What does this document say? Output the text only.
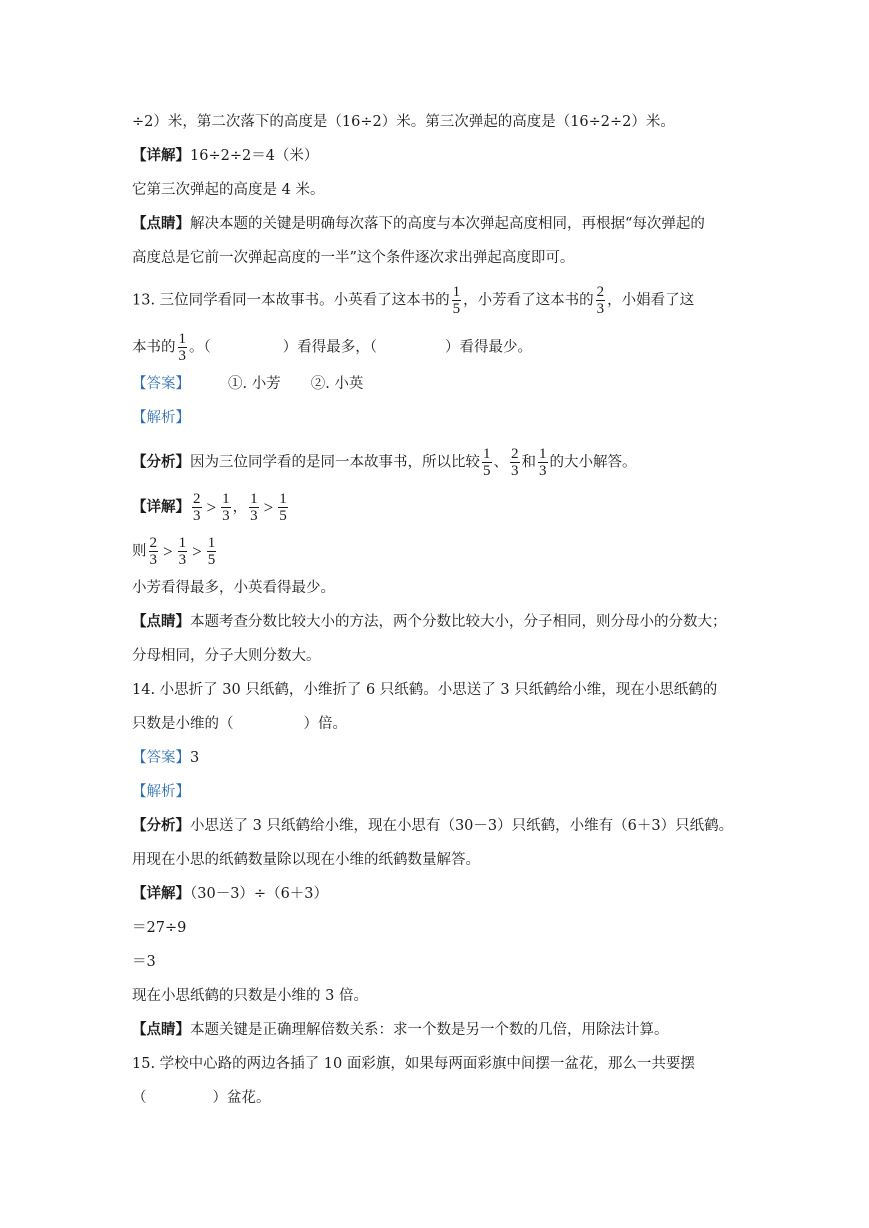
÷2）米，第二次落下的高度是（16÷2）米。第三次弹起的高度是（16÷2÷2）米。
【详解】16÷2÷2＝4（米）
它第三次弹起的高度是 4 米。
【点睛】解决本题的关键是明确每次落下的高度与本次弹起高度相同，再根据“每次弹起的
高度总是它前一次弹起高度的一半”这个条件逐次求出弹起高度即可。
13. 三位同学看同一本故事书。小英看了这本书的 $\frac{1}{5}$ ，小芳看了这本书的 $\frac{2}{3}$ ，小娟看了这
本书的 $\frac{1}{3}$ 。（	）看得最多，（	）看得最少。
【答案】	①. 小芳 ②. 小英
【解析】
【分析】因为三位同学看的是同一本故事书，所以比较 $\frac{1}{5}$ 、 $\frac{2}{3}$ 和 $\frac{1}{3}$ 的大小解答。
【详解】 $\frac{2}{3} > \frac{1}{3}$ ， $\frac{1}{3} > \frac{1}{5}$
则 $\frac{2}{3} > \frac{1}{3} > \frac{1}{5}$
小芳看得最多，小英看得最少。
【点睛】本题考查分数比较大小的方法，两个分数比较大小，分子相同，则分母小的分数大；
分母相同，分子大则分数大。
14. 小思折了 30 只纸鹤，小维折了 6 只纸鹤。小思送了 3 只纸鹤给小维，现在小思纸鹤的
只数是小维的（	）倍。
【答案】3
【解析】
【分析】小思送了 3 只纸鹤给小维，现在小思有（30－3）只纸鹤，小维有（6＋3）只纸鹤。
用现在小思的纸鹤数量除以现在小维的纸鹤数量解答。
【详解】（30－3）÷（6＋3）
＝27÷9
＝3
现在小思纸鹤的只数是小维的 3 倍。
【点睛】本题关键是正确理解倍数关系：求一个数是另一个数的几倍，用除法计算。
15. 学校中心路的两边各插了 10 面彩旗，如果每两面彩旗中间摆一盆花，那么一共要摆
（	）盆花。
